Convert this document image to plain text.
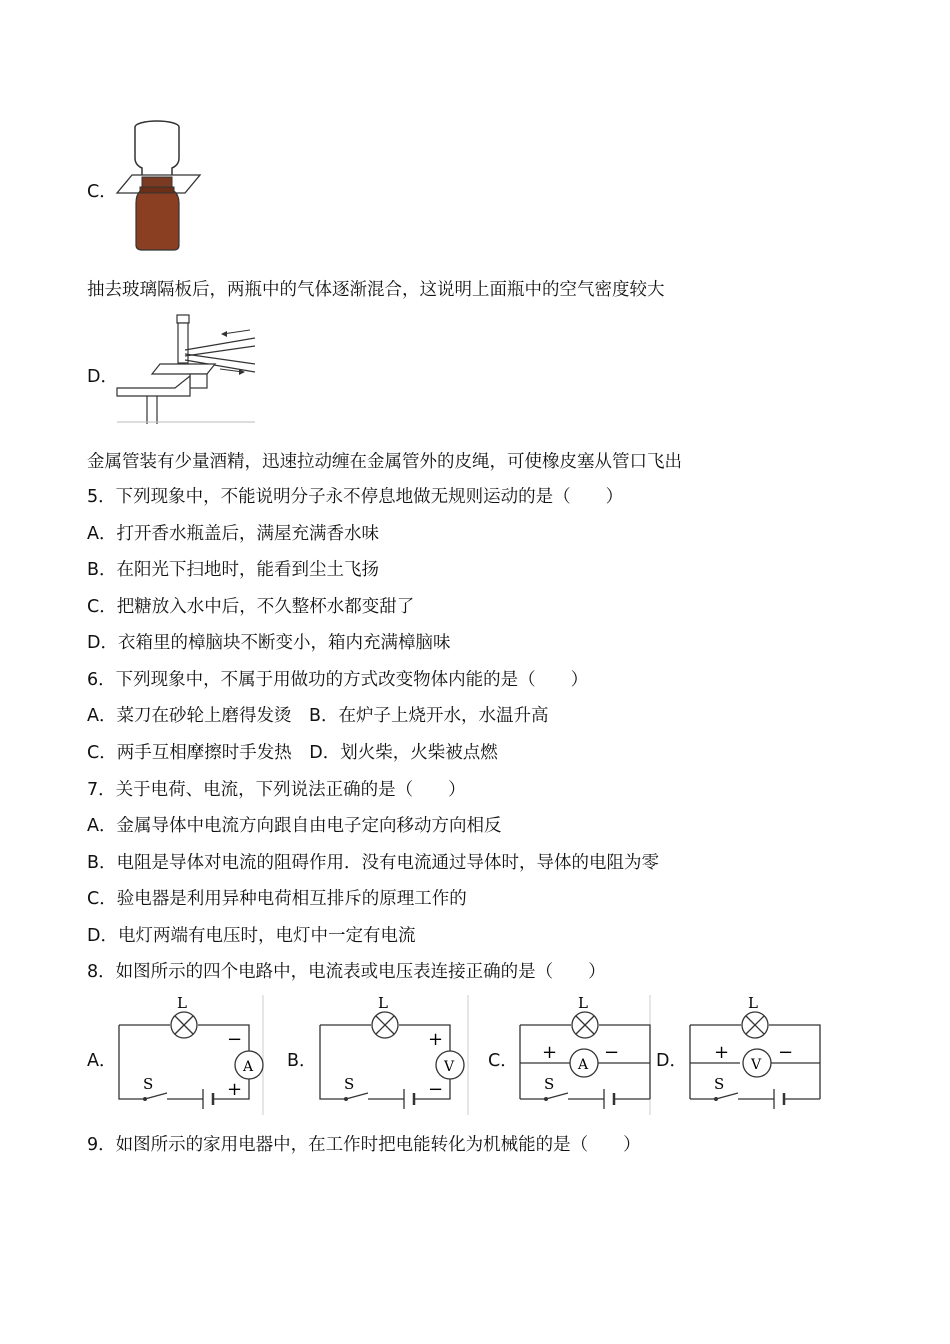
C．
抽去玻璃隔板后，两瓶中的气体逐渐混合，这说明上面瓶中的空气密度较大
D．
金属管装有少量酒精，迅速拉动缠在金属管外的皮绳，可使橡皮塞从管口飞出
5．下列现象中，不能说明分子永不停息地做无规则运动的是（　　）
A．打开香水瓶盖后，满屋充满香水味
B．在阳光下扫地时，能看到尘土飞扬
C．把糖放入水中后，不久整杯水都变甜了
D．衣箱里的樟脑块不断变小，箱内充满樟脑味
6．下列现象中，不属于用做功的方式改变物体内能的是（　　）
A．菜刀在砂轮上磨得发烫　B．在炉子上烧开水，水温升高
C．两手互相摩擦时手发热　D．划火柴，火柴被点燃
7．关于电荷、电流，下列说法正确的是（　　）
A．金属导体中电流方向跟自由电子定向移动方向相反
B．电阻是导体对电流的阻碍作用．没有电流通过导体时，导体的电阻为零
C．验电器是利用异种电荷相互排斥的原理工作的
D．电灯两端有电压时，电灯中一定有电流
8．如图所示的四个电路中，电流表或电压表连接正确的是（　　）
A．
L
A
−
+
S
B．
L
V
+
−
S
C．
L
A
+	−
S
D．
L
V
+	−
S
9．如图所示的家用电器中，在工作时把电能转化为机械能的是（　　）
